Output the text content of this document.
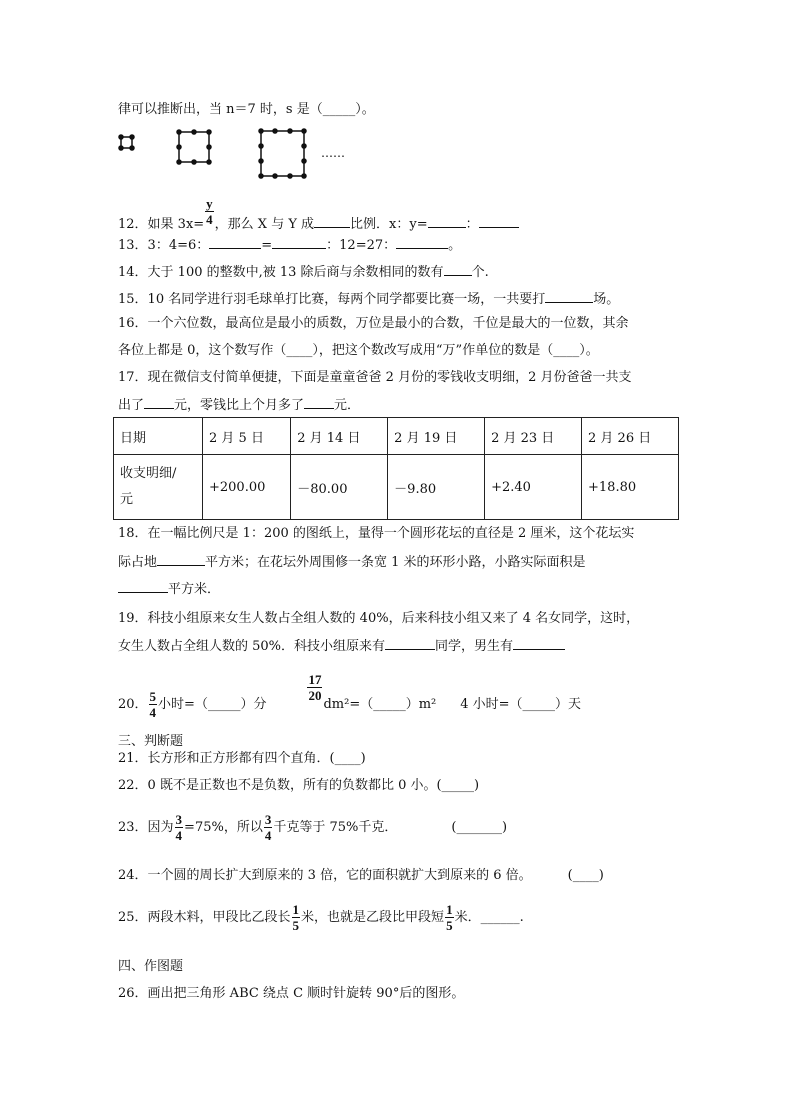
律可以推断出，当 n＝7 时，s 是（_____）。
……
12．如果 $3x= \frac{y}{4}$ ，那么 X 与 Y 成	比例．x：y=	：
13．3：4=6：	=	：12=27：	。
14．大于 100 的整数中,被 13 除后商与余数相同的数有 个.
15．10 名同学进行羽毛球单打比赛，每两个同学都要比赛一场，一共要打	场。
16．一个六位数，最高位是最小的质数，万位是最小的合数，千位是最大的一位数，其余
各位上都是 0，这个数写作（____），把这个数改写成用“万”作单位的数是（____）。
17．现在微信支付简单便捷，下面是童童爸爸 2 月份的零钱收支明细，2 月份爸爸一共支
出了 元，零钱比上个月多了 元．
日期	2 月 5 日	2 月 14 日	2 月 19 日	2 月 23 日	2 月 26 日
收支明细/
元	+200.00	－80.00	－9.80	+2.40	+18.80
18．在一幅比例尺是 1：200 的图纸上，量得一个圆形花坛的直径是 2 厘米，这个花坛实
际占地	平方米；在花坛外周围修一条宽 1 米的环形小路，小路实际面积是
平方米．
19．科技小组原来女生人数占全组人数的 40%，后来科技小组又来了 4 名女同学，这时，
女生人数占全组人数的 50%．科技小组原来有	同学，男生有
20． $\frac{5}{4}$ 小时=（_____）分
$\frac{17}{20}$
dm²=（_____）m² 4 小时=（_____）天
三、判断题
21．长方形和正方形都有四个直角．(____)
22．0 既不是正数也不是负数，所有的负数都比 0 小。(_____)
23．因为 $\frac{3}{4} =75\%$，所以 $\frac{3}{4}$ 千克等于 75%千克．	(_______)
24．一个圆的周长扩大到原来的 3 倍，它的面积就扩大到原来的 6 倍。	(____)
25．两段木料，甲段比乙段长 $\frac{1}{5}$ 米，也就是乙段比甲段短 $\frac{1}{5}$ 米．______.
四、作图题
26．画出把三角形 ABC 绕点 C 顺时针旋转 90°后的图形。
